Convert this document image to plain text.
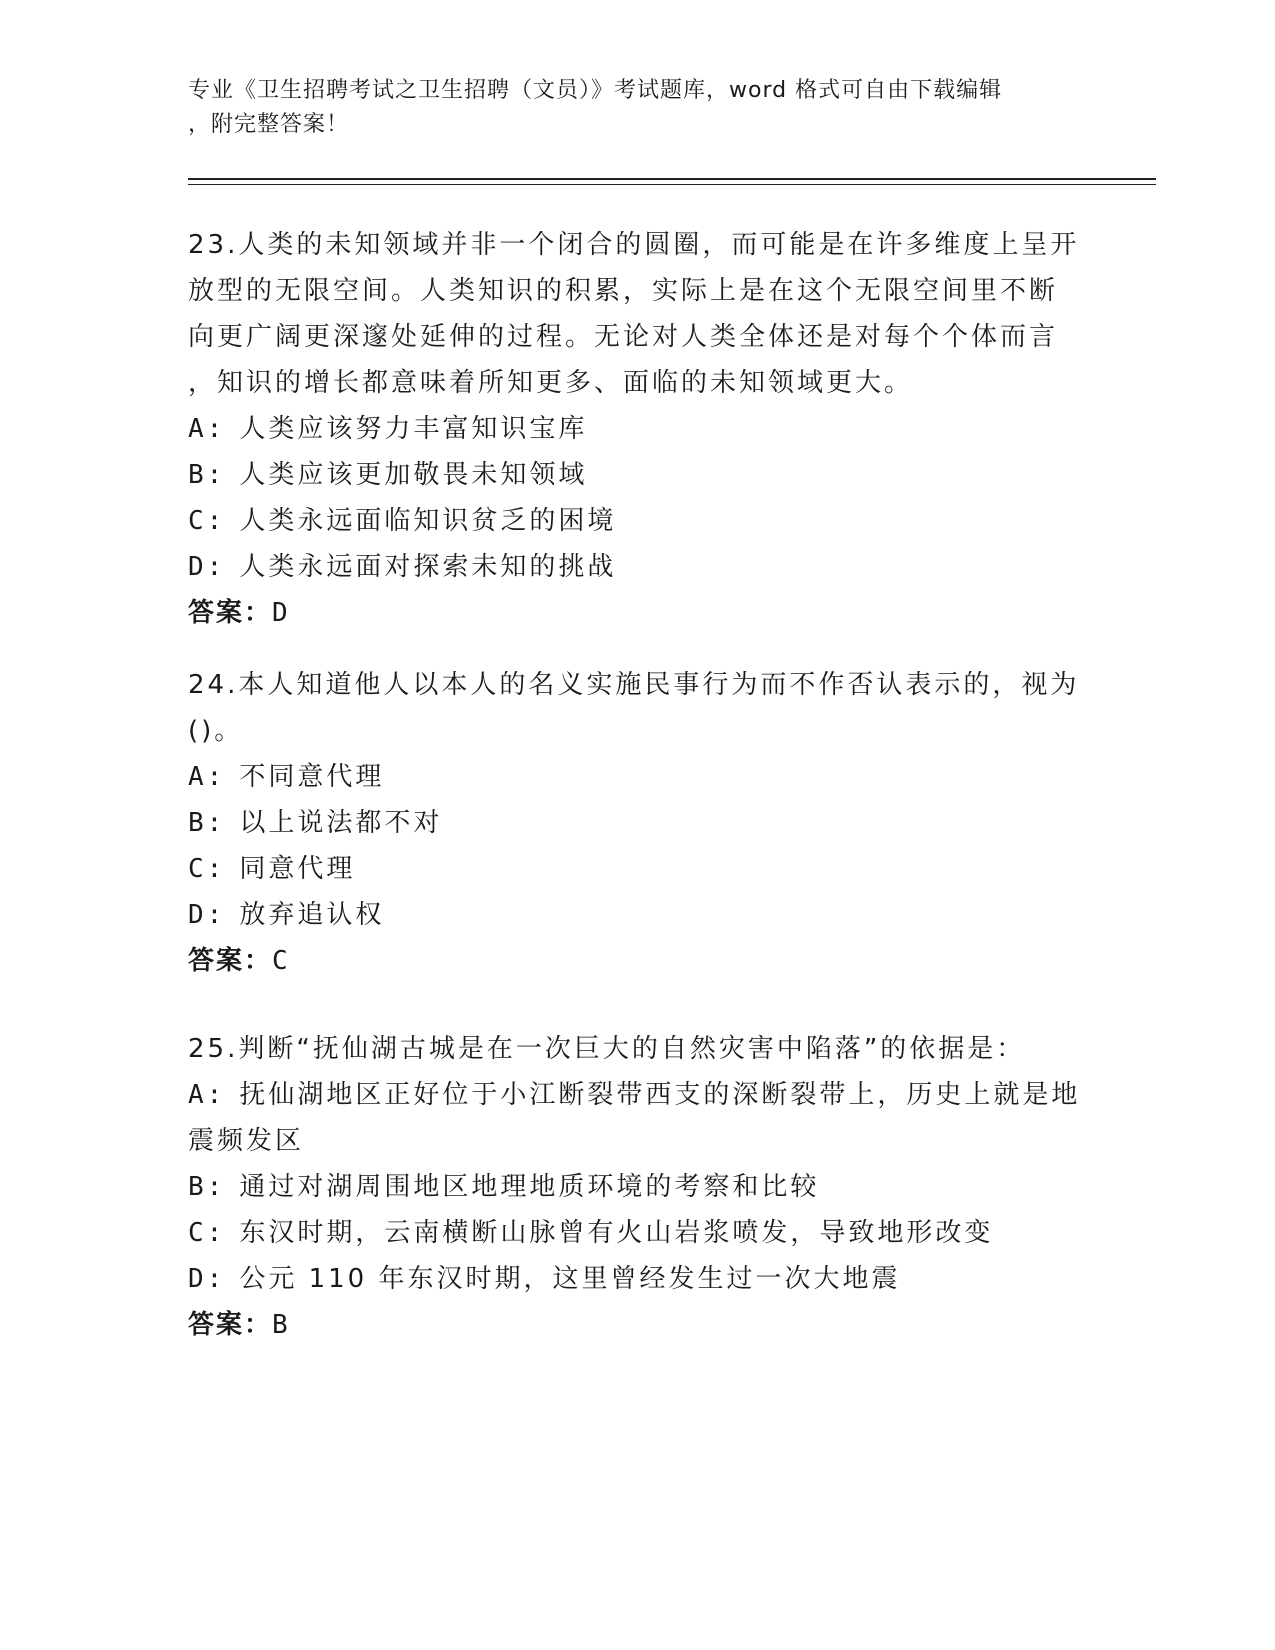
专业《卫生招聘考试之卫生招聘（文员）》考试题库，word 格式可自由下载编辑
，附完整答案！

23.人类的未知领域并非一个闭合的圆圈，而可能是在许多维度上呈开

放型的无限空间。人类知识的积累，实际上是在这个无限空间里不断

向更广阔更深邃处延伸的过程。无论对人类全体还是对每个个体而言

，知识的增长都意味着所知更多、面临的未知领域更大。

A: 人类应该努力丰富知识宝库

B: 人类应该更加敬畏未知领域

C: 人类永远面临知识贫乏的困境

D: 人类永远面对探索未知的挑战

答案：D

24.本人知道他人以本人的名义实施民事行为而不作否认表示的，视为

()。

A: 不同意代理

B: 以上说法都不对

C: 同意代理

D: 放弃追认权

答案：C

25.判断“抚仙湖古城是在一次巨大的自然灾害中陷落”的依据是：

A: 抚仙湖地区正好位于小江断裂带西支的深断裂带上，历史上就是地

震频发区

B: 通过对湖周围地区地理地质环境的考察和比较

C: 东汉时期，云南横断山脉曾有火山岩浆喷发，导致地形改变

D: 公元 110 年东汉时期，这里曾经发生过一次大地震

答案：B
